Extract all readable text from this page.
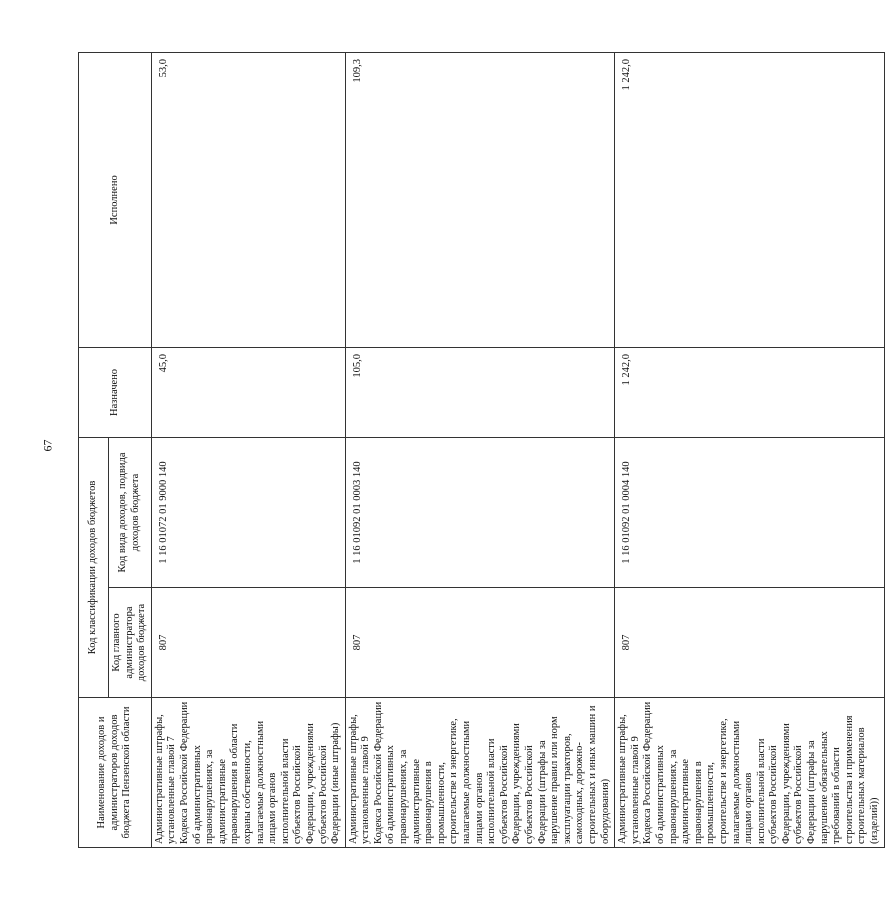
67
Наименование доходов и администраторов доходов бюджета Пензенской области	Код классификации доходов бюджетов		Назначено	Исполнено
	Код главного администратора доходов бюджета	Код вида доходов, подвида доходов бюджета		
Административные штрафы, установленные главой 7 Кодекса Российской Федерации об административных правонарушениях, за административные правонарушения в области охраны собственности, налагаемые должностными лицами органов исполнительной власти субъектов Российской Федерации, учреждениями субъектов Российской Федерации (иные штрафы)	807	1 16 01072 01 9000 140	45,0	53,0
Административные штрафы, установленные главой 9 Кодекса Российской Федерации об административных правонарушениях, за административные правонарушения в промышленности, строительстве и энергетике, налагаемые должностными лицами органов исполнительной власти субъектов Российской Федерации, учреждениями субъектов Российской Федерации (штрафы за нарушение правил или норм эксплуатации тракторов, самоходных, дорожно-строительных и иных машин и оборудования)	807	1 16 01092 01 0003 140	105,0	109,3
Административные штрафы, установленные главой 9 Кодекса Российской Федерации об административных правонарушениях, за административные правонарушения в промышленности, строительстве и энергетике, налагаемые должностными лицами органов исполнительной власти субъектов Российской Федерации, учреждениями субъектов Российской Федерации (штрафы за нарушение обязательных требований в области строительства и применения строительных материалов (изделий))	807	1 16 01092 01 0004 140	1 242,0	1 242,0
